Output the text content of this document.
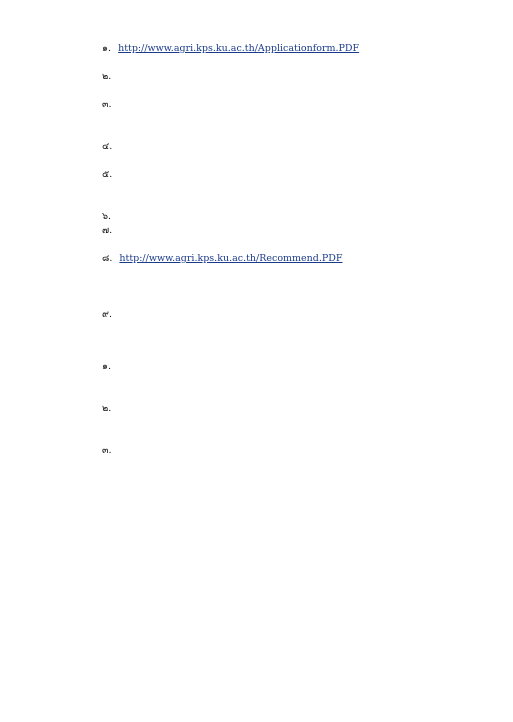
๑. http://www.agri.kps.ku.ac.th/Applicationform.PDF

๒.

๓.

๔.

๕.

๖.

๗.

๘. http://www.agri.kps.ku.ac.th/Recommend.PDF

๙.

๑.

๒.

๓.
